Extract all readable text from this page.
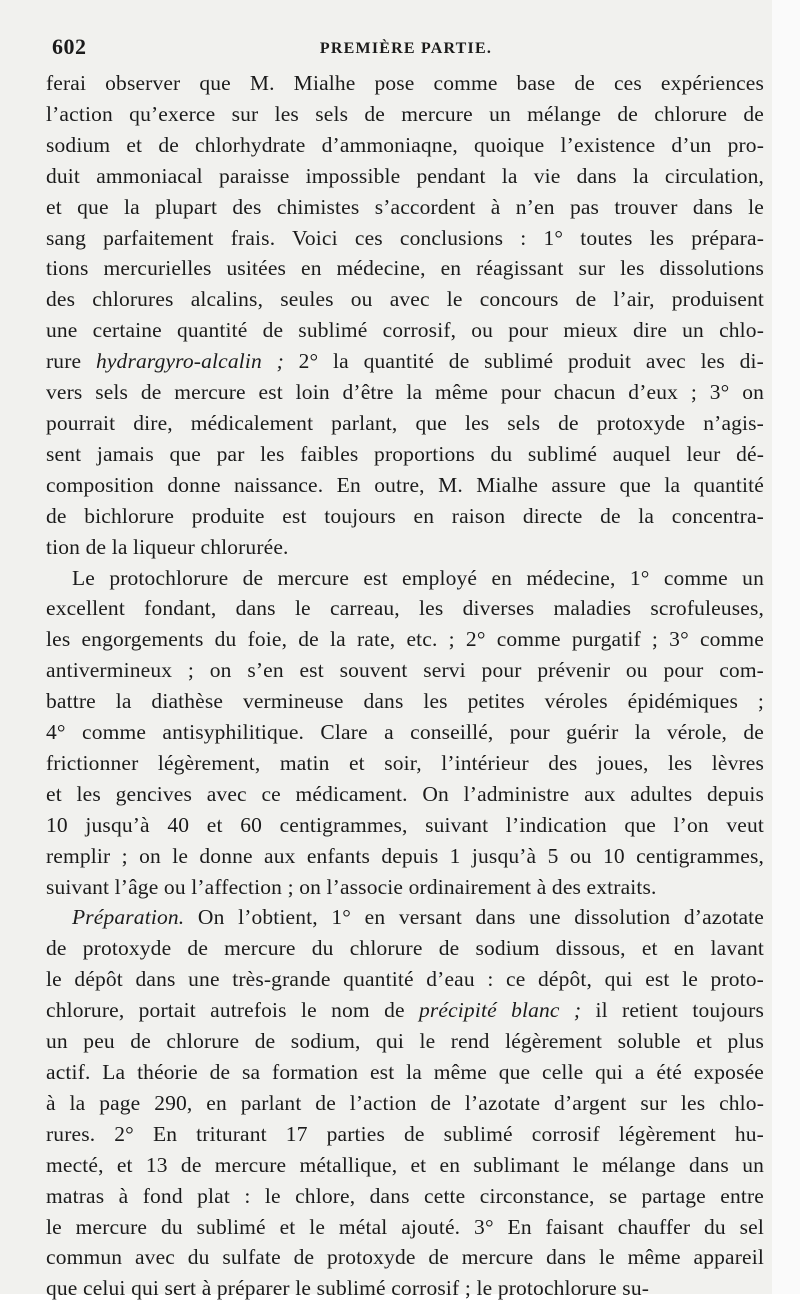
602	PREMIÈRE PARTIE.
ferai observer que M. Mialhe pose comme base de ces expériences
l’action qu’exerce sur les sels de mercure un mélange de chlorure de
sodium et de chlorhydrate d’ammoniaqne, quoique l’existence d’un pro-
duit ammoniacal paraisse impossible pendant la vie dans la circulation,
et que la plupart des chimistes s’accordent à n’en pas trouver dans le
sang parfaitement frais. Voici ces conclusions : 1° toutes les prépara-
tions mercurielles usitées en médecine, en réagissant sur les dissolutions
des chlorures alcalins, seules ou avec le concours de l’air, produisent
une certaine quantité de sublimé corrosif, ou pour mieux dire un chlo-
rure hydrargyro-alcalin ; 2° la quantité de sublimé produit avec les di-
vers sels de mercure est loin d’être la même pour chacun d’eux ; 3° on
pourrait dire, médicalement parlant, que les sels de protoxyde n’agis-
sent jamais que par les faibles proportions du sublimé auquel leur dé-
composition donne naissance. En outre, M. Mialhe assure que la quantité
de bichlorure produite est toujours en raison directe de la concentra-
tion de la liqueur chlorurée.
Le protochlorure de mercure est employé en médecine, 1° comme un
excellent fondant, dans le carreau, les diverses maladies scrofuleuses,
les engorgements du foie, de la rate, etc. ; 2° comme purgatif ; 3° comme
antivermineux ; on s’en est souvent servi pour prévenir ou pour com-
battre la diathèse vermineuse dans les petites véroles épidémiques ;
4° comme antisyphilitique. Clare a conseillé, pour guérir la vérole, de
frictionner légèrement, matin et soir, l’intérieur des joues, les lèvres
et les gencives avec ce médicament. On l’administre aux adultes depuis
10 jusqu’à 40 et 60 centigrammes, suivant l’indication que l’on veut
remplir ; on le donne aux enfants depuis 1 jusqu’à 5 ou 10 centigrammes,
suivant l’âge ou l’affection ; on l’associe ordinairement à des extraits.
Préparation. On l’obtient, 1° en versant dans une dissolution d’azotate
de protoxyde de mercure du chlorure de sodium dissous, et en lavant
le dépôt dans une très-grande quantité d’eau : ce dépôt, qui est le proto-
chlorure, portait autrefois le nom de précipité blanc ; il retient toujours
un peu de chlorure de sodium, qui le rend légèrement soluble et plus
actif. La théorie de sa formation est la même que celle qui a été exposée
à la page 290, en parlant de l’action de l’azotate d’argent sur les chlo-
rures. 2° En triturant 17 parties de sublimé corrosif légèrement hu-
mecté, et 13 de mercure métallique, et en sublimant le mélange dans un
matras à fond plat : le chlore, dans cette circonstance, se partage entre
le mercure du sublimé et le métal ajouté. 3° En faisant chauffer du sel
commun avec du sulfate de protoxyde de mercure dans le même appareil
que celui qui sert à préparer le sublimé corrosif ; le protochlorure su-
